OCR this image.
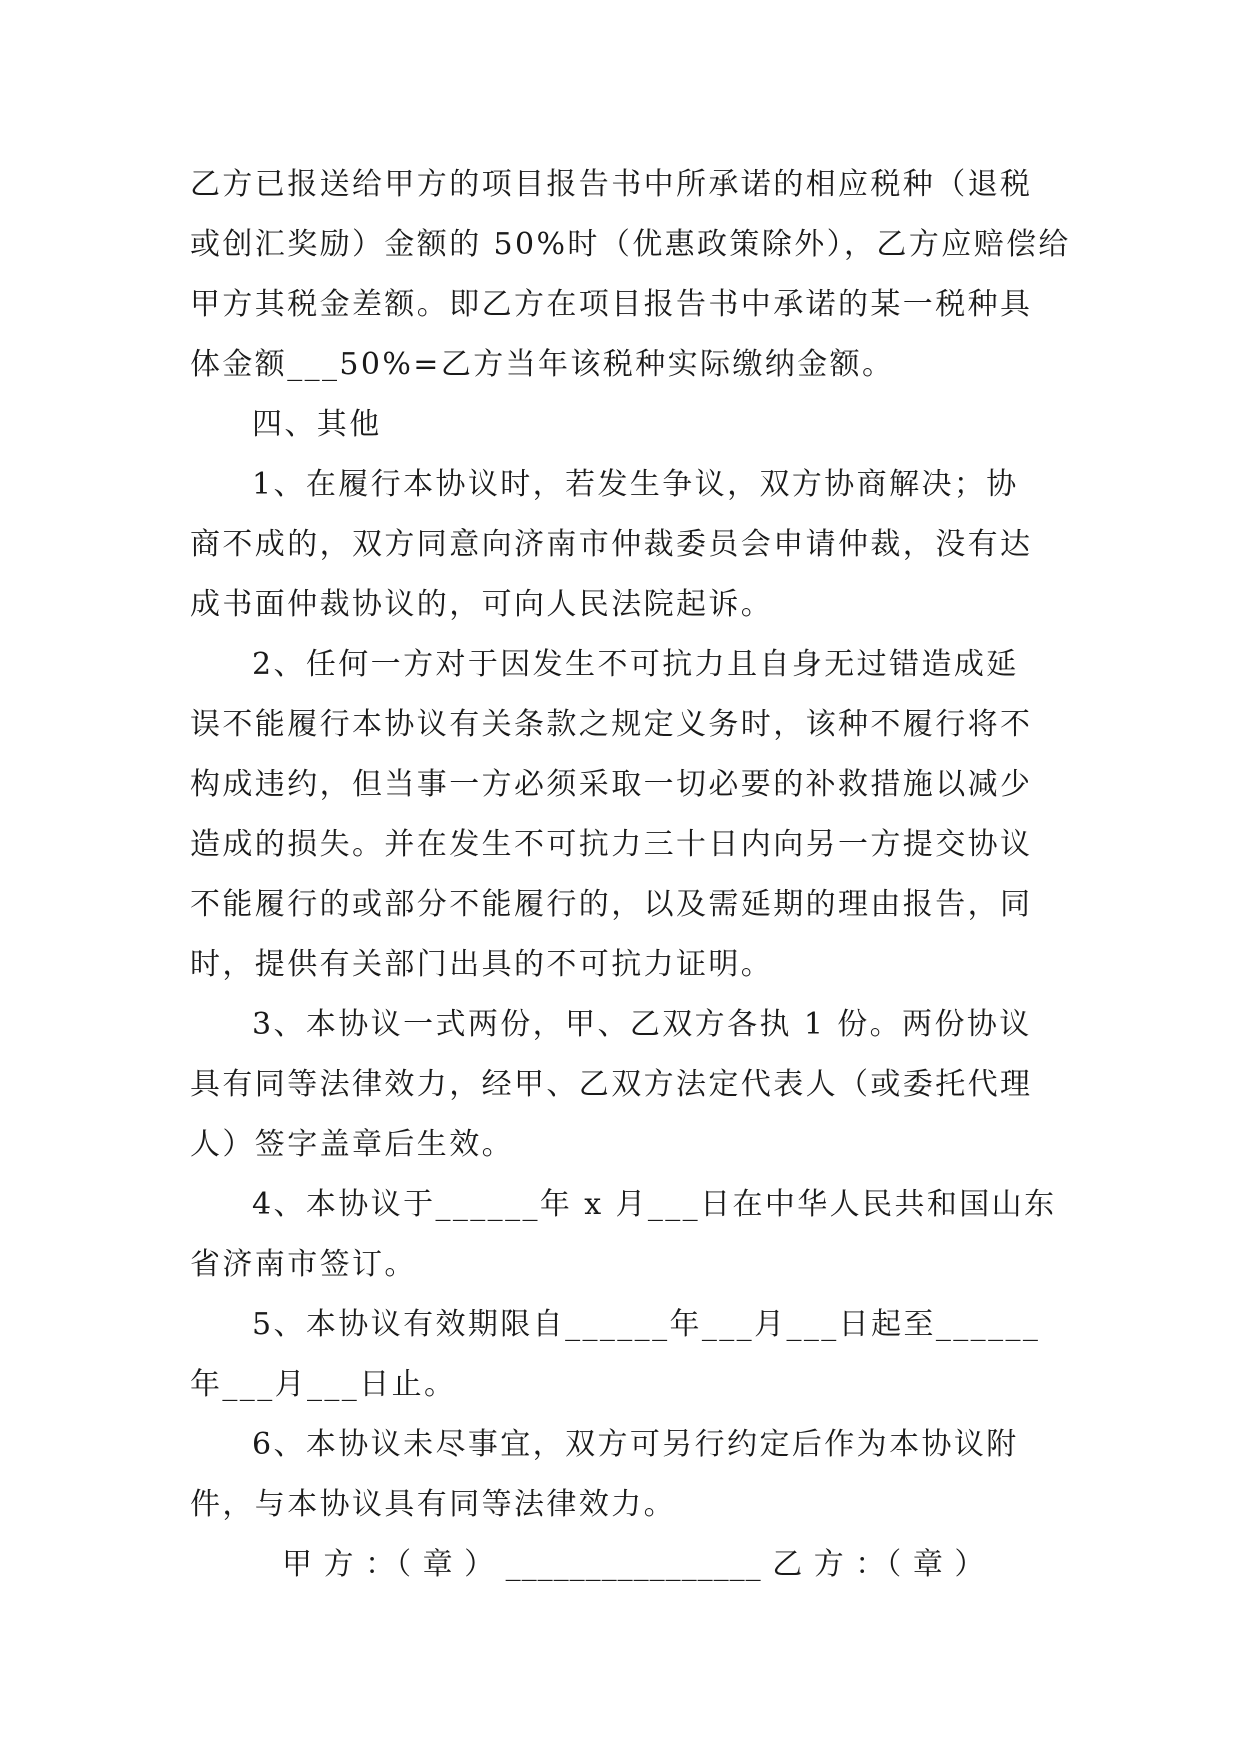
乙方已报送给甲方的项目报告书中所承诺的相应税种（退税
或创汇奖励）金额的 50%时（优惠政策除外），乙方应赔偿给
甲方其税金差额。即乙方在项目报告书中承诺的某一税种具
体金额___50%=乙方当年该税种实际缴纳金额。
四、其他
1、在履行本协议时，若发生争议，双方协商解决；协
商不成的，双方同意向济南市仲裁委员会申请仲裁，没有达
成书面仲裁协议的，可向人民法院起诉。
2、任何一方对于因发生不可抗力且自身无过错造成延
误不能履行本协议有关条款之规定义务时，该种不履行将不
构成违约，但当事一方必须采取一切必要的补救措施以减少
造成的损失。并在发生不可抗力三十日内向另一方提交协议
不能履行的或部分不能履行的，以及需延期的理由报告，同
时，提供有关部门出具的不可抗力证明。
3、本协议一式两份，甲、乙双方各执 1 份。两份协议
具有同等法律效力，经甲、乙双方法定代表人（或委托代理
人）签字盖章后生效。
4、本协议于______年 x 月___日在中华人民共和国山东
省济南市签订。
5、本协议有效期限自______年___月___日起至______
年___月___日止。
6、本协议未尽事宜，双方可另行约定后作为本协议附
件，与本协议具有同等法律效力。
甲 方 ：（ 章 ） ________________ 乙 方 ：（ 章 ）
